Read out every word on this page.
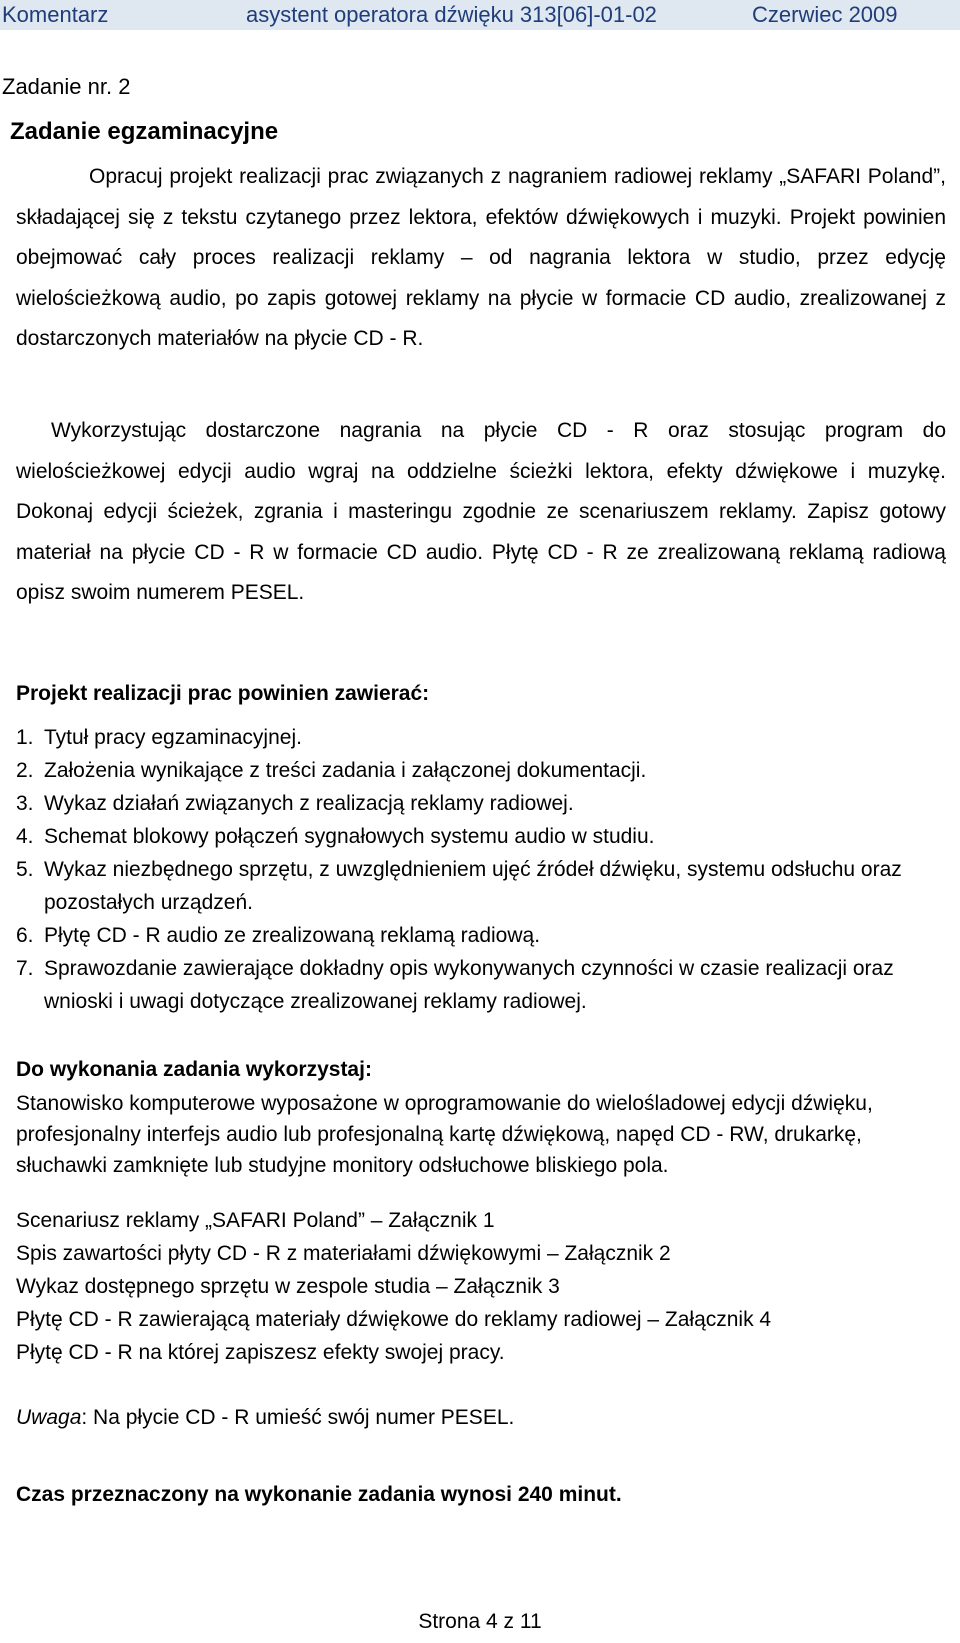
Komentarz	asystent operatora dźwięku 313[06]-01-02	Czerwiec 2009
Zadanie nr. 2
Zadanie egzaminacyjne

Opracuj projekt realizacji prac związanych z nagraniem radiowej reklamy „SAFARI Poland”, składającej się z tekstu czytanego przez lektora, efektów dźwiękowych i muzyki. Projekt powinien obejmować cały proces realizacji reklamy – od nagrania lektora w studio, przez edycję wielościeżkową audio, po zapis gotowej reklamy na płycie w formacie CD audio, zrealizowanej z dostarczonych materiałów na płycie CD - R.

Wykorzystując dostarczone nagrania na płycie CD - R oraz stosując program do wielościeżkowej edycji audio wgraj na oddzielne ścieżki lektora, efekty dźwiękowe i muzykę. Dokonaj edycji ścieżek, zgrania i masteringu zgodnie ze scenariuszem reklamy. Zapisz gotowy materiał na płycie CD - R w formacie CD audio. Płytę CD - R ze zrealizowaną reklamą radiową opisz swoim numerem PESEL.

Projekt realizacji prac powinien zawierać:
1. Tytuł pracy egzaminacyjnej.
2. Założenia wynikające z treści zadania i załączonej dokumentacji.
3. Wykaz działań związanych z realizacją reklamy radiowej.
4. Schemat blokowy połączeń sygnałowych systemu audio w studiu.
5. Wykaz niezbędnego sprzętu, z uwzględnieniem ujęć źródeł dźwięku, systemu odsłuchu oraz pozostałych urządzeń.
6. Płytę CD - R audio ze zrealizowaną reklamą radiową.
7. Sprawozdanie zawierające dokładny opis wykonywanych czynności w czasie realizacji oraz wnioski i uwagi dotyczące zrealizowanej reklamy radiowej.
Do wykonania zadania wykorzystaj:

Stanowisko komputerowe wyposażone w oprogramowanie do wielośladowej edycji dźwięku, profesjonalny interfejs audio lub profesjonalną kartę dźwiękową, napęd CD - RW, drukarkę, słuchawki zamknięte lub studyjne monitory odsłuchowe bliskiego pola.

Scenariusz reklamy „SAFARI Poland” – Załącznik 1
Spis zawartości płyty CD - R z materiałami dźwiękowymi – Załącznik 2
Wykaz dostępnego sprzętu w zespole studia – Załącznik 3
Płytę CD - R zawierającą materiały dźwiękowe do reklamy radiowej – Załącznik 4
Płytę CD - R na której zapiszesz efekty swojej pracy.
Uwaga: Na płycie CD - R umieść swój numer PESEL.
Czas przeznaczony na wykonanie zadania wynosi 240 minut.
Strona 4 z 11
